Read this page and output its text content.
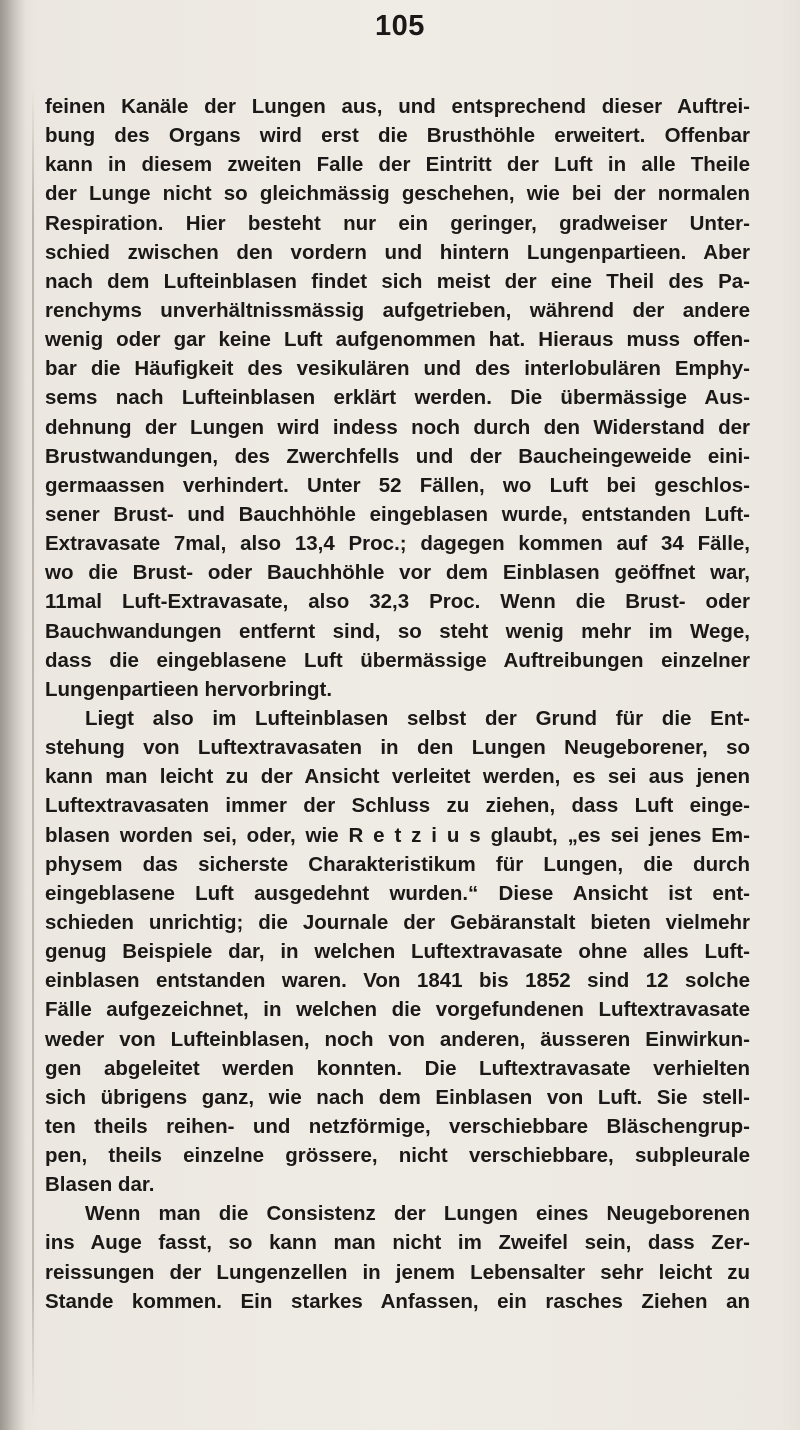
105
feinen Kanäle der Lungen aus, und entsprechend dieser Auftrei-
bung des Organs wird erst die Brusthöhle erweitert. Offenbar
kann in diesem zweiten Falle der Eintritt der Luft in alle Theile
der Lunge nicht so gleichmässig geschehen, wie bei der normalen
Respiration. Hier besteht nur ein geringer, gradweiser Unter-
schied zwischen den vordern und hintern Lungenpartieen. Aber
nach dem Lufteinblasen findet sich meist der eine Theil des Pa-
renchyms unverhältnissmässig aufgetrieben, während der andere
wenig oder gar keine Luft aufgenommen hat. Hieraus muss offen-
bar die Häufigkeit des vesikulären und des interlobulären Emphy-
sems nach Lufteinblasen erklärt werden. Die übermässige Aus-
dehnung der Lungen wird indess noch durch den Widerstand der
Brustwandungen, des Zwerchfells und der Baucheingeweide eini-
germaassen verhindert. Unter 52 Fällen, wo Luft bei geschlos-
sener Brust- und Bauchhöhle eingeblasen wurde, entstanden Luft-
Extravasate 7mal, also 13,4 Proc.; dagegen kommen auf 34 Fälle,
wo die Brust- oder Bauchhöhle vor dem Einblasen geöffnet war,
11mal Luft-Extravasate, also 32,3 Proc. Wenn die Brust- oder
Bauchwandungen entfernt sind, so steht wenig mehr im Wege,
dass die eingeblasene Luft übermässige Auftreibungen einzelner
Lungenpartieen hervorbringt.
Liegt also im Lufteinblasen selbst der Grund für die Ent-
stehung von Luftextravasaten in den Lungen Neugeborener, so
kann man leicht zu der Ansicht verleitet werden, es sei aus jenen
Luftextravasaten immer der Schluss zu ziehen, dass Luft einge-
blasen worden sei, oder, wie R e t z i u s glaubt, „es sei jenes Em-
physem das sicherste Charakteristikum für Lungen, die durch
eingeblasene Luft ausgedehnt wurden.“ Diese Ansicht ist ent-
schieden unrichtig; die Journale der Gebäranstalt bieten vielmehr
genug Beispiele dar, in welchen Luftextravasate ohne alles Luft-
einblasen entstanden waren. Von 1841 bis 1852 sind 12 solche
Fälle aufgezeichnet, in welchen die vorgefundenen Luftextravasate
weder von Lufteinblasen, noch von anderen, äusseren Einwirkun-
gen abgeleitet werden konnten. Die Luftextravasate verhielten
sich übrigens ganz, wie nach dem Einblasen von Luft. Sie stell-
ten theils reihen- und netzförmige, verschiebbare Bläschengrup-
pen, theils einzelne grössere, nicht verschiebbare, subpleurale
Blasen dar.
Wenn man die Consistenz der Lungen eines Neugeborenen
ins Auge fasst, so kann man nicht im Zweifel sein, dass Zer-
reissungen der Lungenzellen in jenem Lebensalter sehr leicht zu
Stande kommen. Ein starkes Anfassen, ein rasches Ziehen an
